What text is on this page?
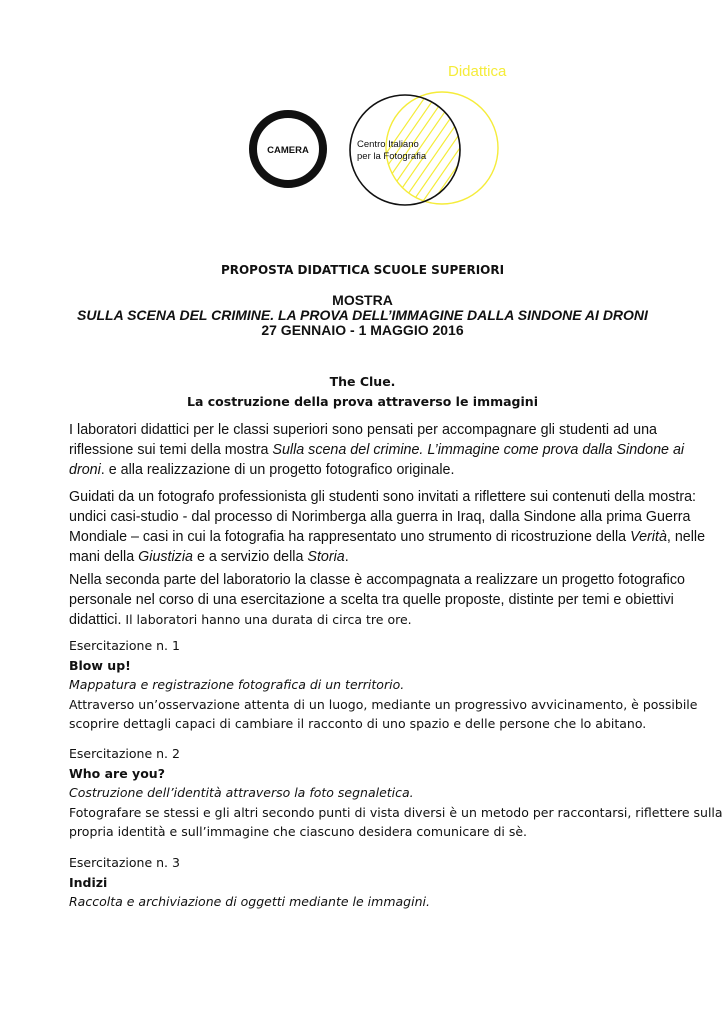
CAMERA
Centro Italiano
per la Fotografia
Didattica
PROPOSTA DIDATTICA SCUOLE SUPERIORI
MOSTRA
SULLA SCENA DEL CRIMINE. LA PROVA DELL’IMMAGINE DALLA SINDONE AI DRONI
27 GENNAIO - 1 MAGGIO 2016
The Clue.
La costruzione della prova attraverso le immagini
I laboratori didattici per le classi superiori sono pensati per accompagnare gli studenti ad una
riflessione sui temi della mostra Sulla scena del crimine. L’immagine come prova dalla Sindone ai
droni. e alla realizzazione di un progetto fotografico originale.
Guidati da un fotografo professionista gli studenti sono invitati a riflettere sui contenuti della mostra:
undici casi-studio - dal processo di Norimberga alla guerra in Iraq, dalla Sindone alla prima Guerra
Mondiale – casi in cui la fotografia ha rappresentato uno strumento di ricostruzione della Verità, nelle
mani della Giustizia e a servizio della Storia.
Nella seconda parte del laboratorio la classe è accompagnata a realizzare un progetto fotografico
personale nel corso di una esercitazione a scelta tra quelle proposte, distinte per temi e obiettivi
didattici. Il laboratori hanno una durata di circa tre ore.
Esercitazione n. 1
Blow up!
Mappatura e registrazione fotografica di un territorio.
Attraverso un’osservazione attenta di un luogo, mediante un progressivo avvicinamento, è possibile
scoprire dettagli capaci di cambiare il racconto di uno spazio e delle persone che lo abitano.
Esercitazione n. 2
Who are you?
Costruzione dell’identità attraverso la foto segnaletica.
Fotografare se stessi e gli altri secondo punti di vista diversi è un metodo per raccontarsi, riflettere sulla
propria identità e sull’immagine che ciascuno desidera comunicare di sè.
Esercitazione n. 3
Indizi
Raccolta e archiviazione di oggetti mediante le immagini.
